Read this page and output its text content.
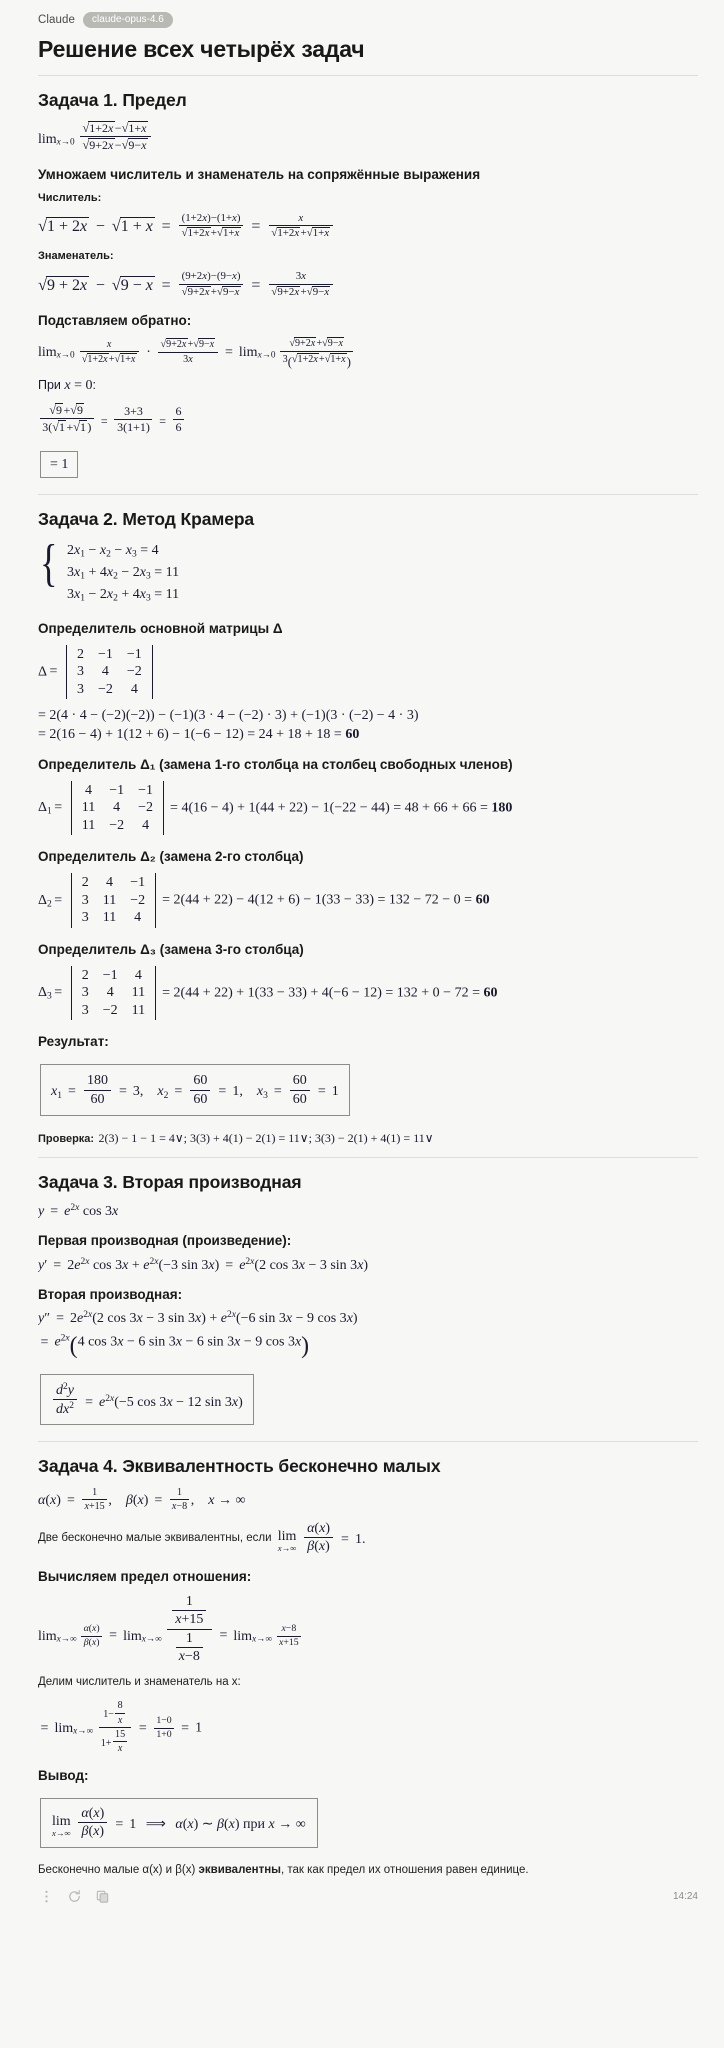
Claude	claude-opus-4.6
Решение всех четырёх задач
Задача 1. Предел
$\lim x\to 0 \frac{√1+2x-√1+x}{√9+2x-√9-x}$
Умножаем числитель и знаменатель на сопряжённые выражения
Числитель:
$√1 + 2x - √1 + x = \frac{(1+2x)-(1+x)}{√1+2x+√1+x} = \frac{x}{√1+2x+√1+x}$
Знаменатель:
$√9 + 2x - √9 - x = \frac{(9+2x)-(9-x)}{√9+2x+√9-x} = \frac{3x}{√9+2x+√9-x}$
Подставляем обратно:
$\lim x\to 0 \frac{x}{√1+2x+√1+x} \cdot \frac{√9+2x+√9-x}{3x} = \lim x\to 0 \frac{√9+2x+√9-x}{3(√1+2x+√1+x)}$
При x = 0:
$\frac{√9+√9}{3(√1+√1)} = \frac{3+3}{3(1+1)} = \frac{6}{6}$
= 1
Задача 2. Метод Крамера
{ $2x_1 - x_2 - x_3 = 4$
$3x_1 + 4x_2 - 2x_3 = 11$
$3x_1 - 2x_2 + 4x_3 = 11$
Определитель основной матрицы Δ
Δ =
2	−1	−1
3	4	−2
3	−2	4
= 2(4 · 4 − (−2)(−2)) − (−1)(3 · 4 − (−2) · 3) + (−1)(3 · (−2) − 4 · 3)
= 2(16 − 4) + 1(12 + 6) − 1(−6 − 12) = 24 + 18 + 18 = 60
Определитель Δ₁ (замена 1-го столбца на столбец свободных членов)
$\Delta_1$ =
4	−1	−1
11	4	−2
11	−2	4
= 4(16 − 4) + 1(44 + 22) − 1(−22 − 44) = 48 + 66 + 66 = 180
Определитель Δ₂ (замена 2-го столбца)
$\Delta_2$ =
2	4	−1
3	11	−2
3	11	4
= 2(44 + 22) − 4(12 + 6) − 1(33 − 33) = 132 − 72 − 0 = 60
Определитель Δ₃ (замена 3-го столбца)
$\Delta_3$ =
2	−1	4
3	4	11
3	−2	11
= 2(44 + 22) + 1(33 − 33) + 4(−6 − 12) = 132 + 0 − 72 = 60
Результат:
$x_1 = \frac{180}{60} = 3$,    $x_2 = \frac{60}{60} = 1$,    $x_3 = \frac{60}{60} = 1$
Проверка: 2(3) − 1 − 1 = 4∨; 3(3) + 4(1) − 2(1) = 11∨; 3(3) − 2(1) + 4(1) = 11∨
Задача 3. Вторая производная
$y = e^{2x}$ cos 3x
Первая производная (произведение):
$y' = 2e^{2x}$ $\cos 3x + e^{2x}(-3$ $\sin 3x) = e^{2x}(2$ cos 3x − 3 sin 3x)
Вторая производная:
$y'' = 2e^{2x}(2$ cos 3x − 3 $\sin 3x) + e^{2x}(-6$ sin 3x − 9 cos 3x)
= $e^{2x}(4$ cos 3x − 6 sin 3x − 6 sin 3x − 9 cos 3x)
$\frac{d^2y}{dx^2} = e^{2x}(-5$ cos 3x − 12 sin 3x)
Задача 4. Эквивалентность бесконечно малых
$\alpha(x) = \frac{1}{x+15}$ ,    $\beta(x) = \frac{1}{x-8}$ ,    x → ∞
Две бесконечно малые эквивалентны, если lim
x→∞
$\frac{\alpha(x)}{\beta(x)} = 1$.
Вычисляем предел отношения:
$\lim x\to\infty \frac{\alpha(x)}{\beta(x)} = \lim x\to\infty \frac{\frac{1}{x+15}}{\frac{1}{x-8}} = \lim x\to\infty \frac{x-8}{x+15}$
Делим числитель и знаменатель на x:
= $\lim x\to\infty \frac{1- \frac{8}{x}}{1+ \frac{15}{x}} = \frac{1-0}{1+0} = 1$
Вывод:
lim
x→∞
$\frac{\alpha(x)}{\beta(x)} = 1$  ⟹ α(x) ∼ β(x) при x → ∞

Бесконечно малые α(x) и β(x) эквивалентны, так как предел их отношения равен единице.

14:24
